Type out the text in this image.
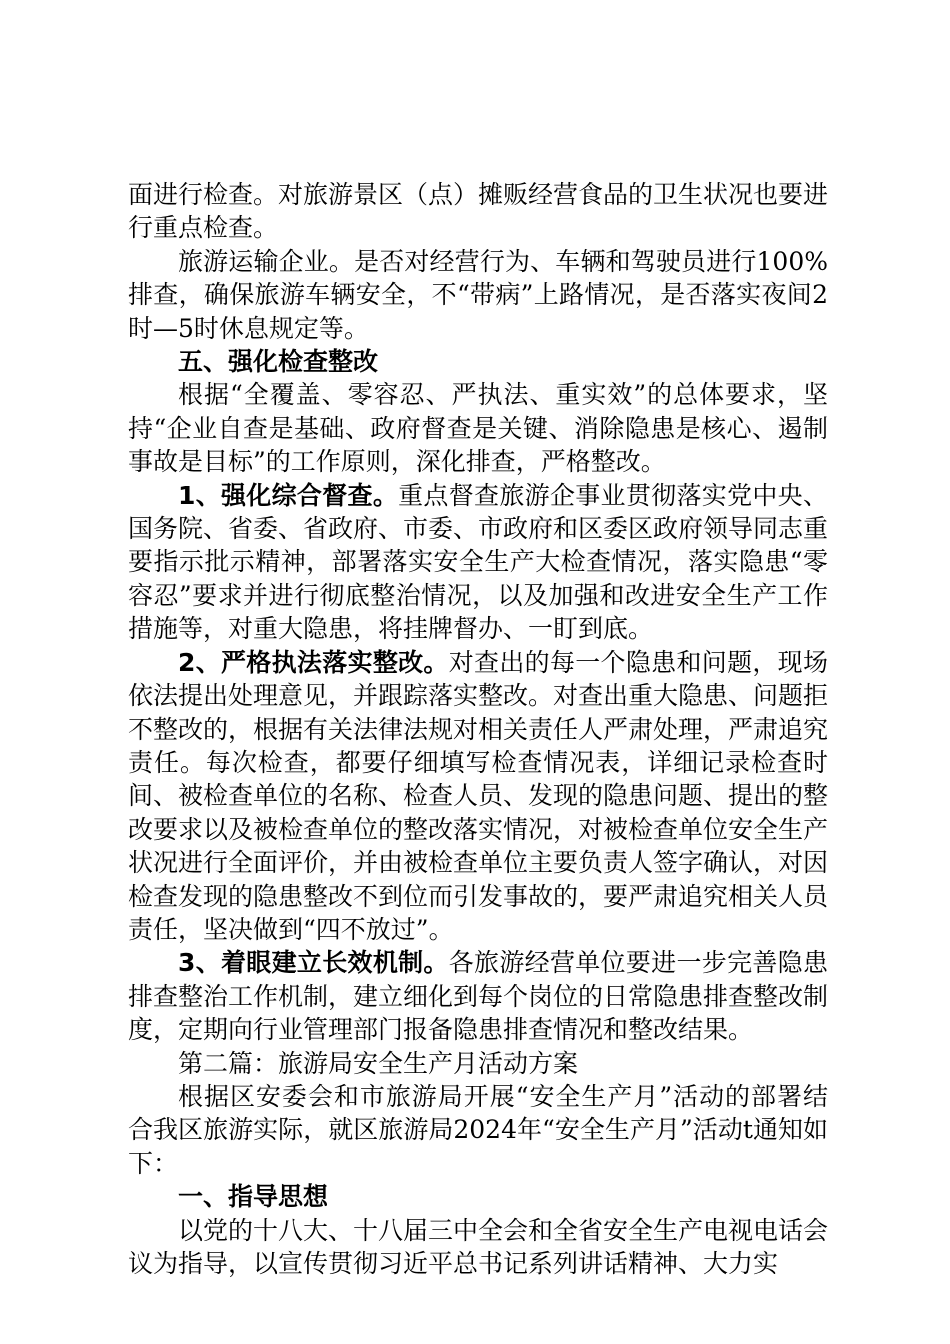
面进行检查。对旅游景区（点）摊贩经营食品的卫生状况也要进行重点检查。

旅游运输企业。是否对经营行为、车辆和驾驶员进行100%排查，确保旅游车辆安全，不“带病”上路情况，是否落实夜间2时—5时休息规定等。

五、强化检查整改

根据“全覆盖、零容忍、严执法、重实效”的总体要求，坚持“企业自查是基础、政府督查是关键、消除隐患是核心、遏制事故是目标”的工作原则，深化排查，严格整改。

1、强化综合督查。重点督查旅游企事业贯彻落实党中央、国务院、省委、省政府、市委、市政府和区委区政府领导同志重要指示批示精神，部署落实安全生产大检查情况，落实隐患“零容忍”要求并进行彻底整治情况，以及加强和改进安全生产工作措施等，对重大隐患，将挂牌督办、一盯到底。

2、严格执法落实整改。对查出的每一个隐患和问题，现场依法提出处理意见，并跟踪落实整改。对查出重大隐患、问题拒不整改的，根据有关法律法规对相关责任人严肃处理，严肃追究责任。每次检查，都要仔细填写检查情况表，详细记录检查时间、被检查单位的名称、检查人员、发现的隐患问题、提出的整改要求以及被检查单位的整改落实情况，对被检查单位安全生产状况进行全面评价，并由被检查单位主要负责人签字确认，对因检查发现的隐患整改不到位而引发事故的，要严肃追究相关人员责任，坚决做到“四不放过”。

3、着眼建立长效机制。各旅游经营单位要进一步完善隐患排查整治工作机制，建立细化到每个岗位的日常隐患排查整改制度，定期向行业管理部门报备隐患排查情况和整改结果。

第二篇：旅游局安全生产月活动方案

根据区安委会和市旅游局开展“安全生产月”活动的部署结合我区旅游实际，就区旅游局2024年“安全生产月”活动t通知如下：

一、指导思想

以党的十八大、十八届三中全会和全省安全生产电视电话会议为指导，以宣传贯彻习近平总书记系列讲话精神、大力实
